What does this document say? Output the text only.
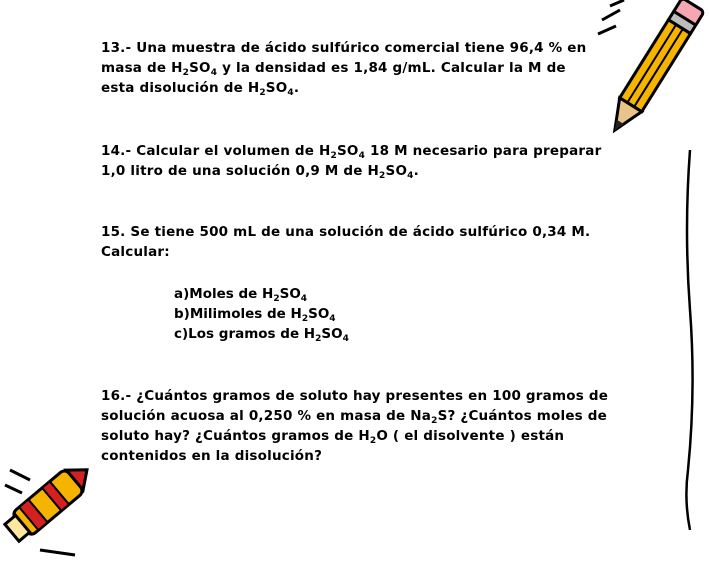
13.- Una muestra de ácido sulfúrico comercial tiene 96,4 % en
masa de $H_2SO_4$ y la densidad es 1,84 g/mL. Calcular la M de
esta disolución de $H_2SO_4$.
14.- Calcular el volumen de $H_2SO_4$ 18 M necesario para preparar
1,0 litro de una solución 0,9 M de $H_2SO_4$.
15. Se tiene 500 mL de una solución de ácido sulfúrico 0,34 M.
Calcular:
a)Moles de $H_2SO_4$
b)Milimoles de $H_2SO_4$
c)Los gramos de $H_2SO_4$
16.- ¿Cuántos gramos de soluto hay presentes en 100 gramos de
solución acuosa al 0,250 % en masa de $Na_2S$? ¿Cuántos moles de
soluto hay? ¿Cuántos gramos de $H_2O$ ( el disolvente ) están
contenidos en la disolución?
